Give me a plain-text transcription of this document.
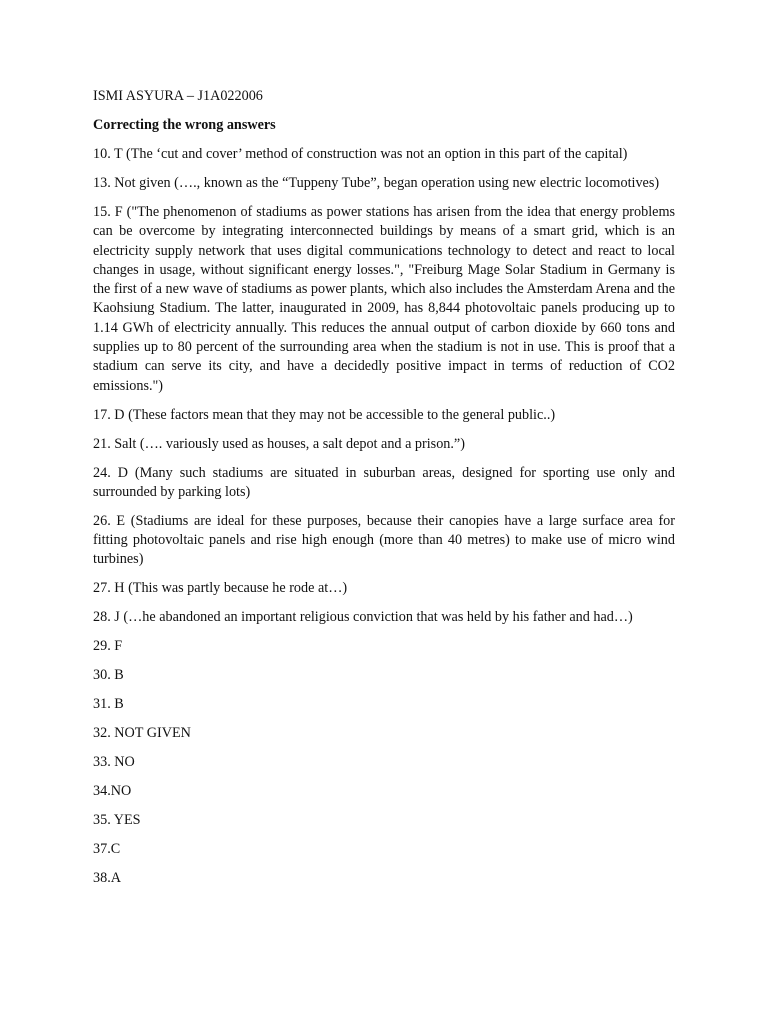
ISMI ASYURA – J1A022006

Correcting the wrong answers

10. T (The ‘cut and cover’ method of construction was not an option in this part of the capital)

13. Not given (…., known as the “Tuppeny Tube”, began operation using new electric locomotives)

15. F ("The phenomenon of stadiums as power stations has arisen from the idea that energy problems can be overcome by integrating interconnected buildings by means of a smart grid, which is an electricity supply network that uses digital communications technology to detect and react to local changes in usage, without significant energy losses.", "Freiburg Mage Solar Stadium in Germany is the first of a new wave of stadiums as power plants, which also includes the Amsterdam Arena and the Kaohsiung Stadium. The latter, inaugurated in 2009, has 8,844 photovoltaic panels producing up to 1.14 GWh of electricity annually. This reduces the annual output of carbon dioxide by 660 tons and supplies up to 80 percent of the surrounding area when the stadium is not in use. This is proof that a stadium can serve its city, and have a decidedly positive impact in terms of reduction of CO2 emissions.")

17. D (These factors mean that they may not be accessible to the general public..)

21. Salt (…. variously used as houses, a salt depot and a prison.”)

24. D (Many such stadiums are situated in suburban areas, designed for sporting use only and surrounded by parking lots)

26. E (Stadiums are ideal for these purposes, because their canopies have a large surface area for fitting photovoltaic panels and rise high enough (more than 40 metres) to make use of micro wind turbines)

27. H (This was partly because he rode at…)

28. J (…he abandoned an important religious conviction that was held by his father and had…)

29. F

30. B

31. B

32. NOT GIVEN

33. NO

34.NO

35. YES

37.C

38.A
